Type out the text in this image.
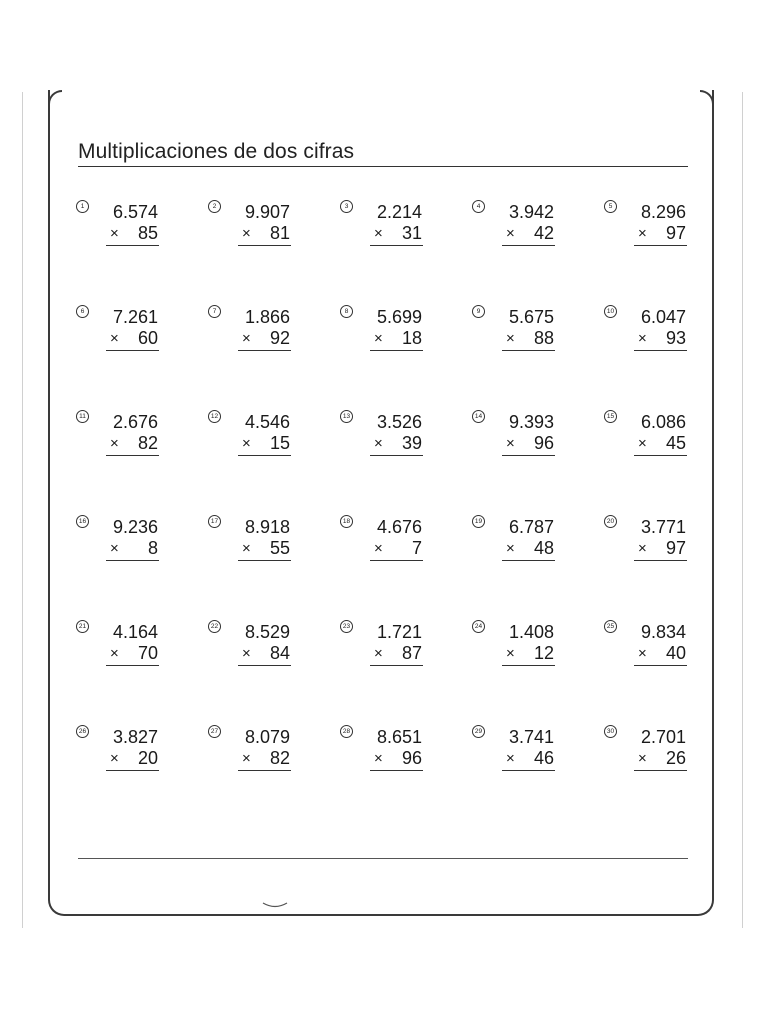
Multiplicaciones de dos cifras
1	6.574
×	85
2	9.907
×	81
3	2.214
×	31
4	3.942
×	42
5	8.296
×	97
6	7.261
×	60
7	1.866
×	92
8	5.699
×	18
9	5.675
×	88
10	6.047
×	93
11	2.676
×	82
12	4.546
×	15
13	3.526
×	39
14	9.393
×	96
15	6.086
×	45
16	9.236
×	8
17	8.918
×	55
18	4.676
×	7
19	6.787
×	48
20	3.771
×	97
21	4.164
×	70
22	8.529
×	84
23	1.721
×	87
24	1.408
×	12
25	9.834
×	40
26	3.827
×	20
27	8.079
×	82
28	8.651
×	96
29	3.741
×	46
30	2.701
×	26
